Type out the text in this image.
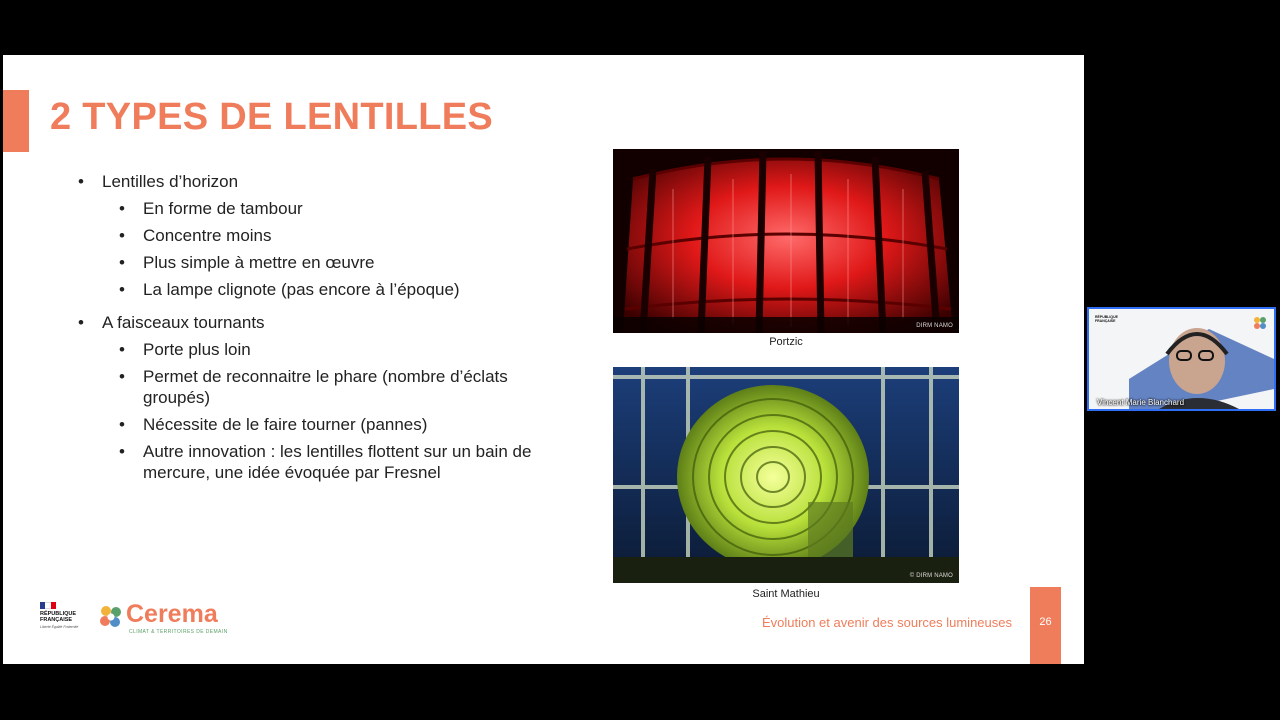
2 TYPES DE LENTILLES
• Lentilles d’horizon
• En forme de tambour
• Concentre moins
• Plus simple à mettre en œuvre
• La lampe clignote (pas encore à l’époque)
• A faisceaux tournants
• Porte plus loin
• Permet de reconnaitre le phare (nombre d’éclats groupés)
• Nécessite de le faire tourner (pannes)
• Autre innovation : les lentilles flottent sur un bain de mercure, une idée évoquée par Fresnel
DIRM NAMO
Portzic
© DIRM NAMO
Saint Mathieu
RÉPUBLIQUE
FRANÇAISE
Liberté Égalité Fraternité Cerema
CLIMAT & TERRITOIRES DE DEMAIN
Évolution et avenir des sources lumineuses	26
RÉPUBLIQUE
FRANÇAISE
Vincent Marie Blanchard
